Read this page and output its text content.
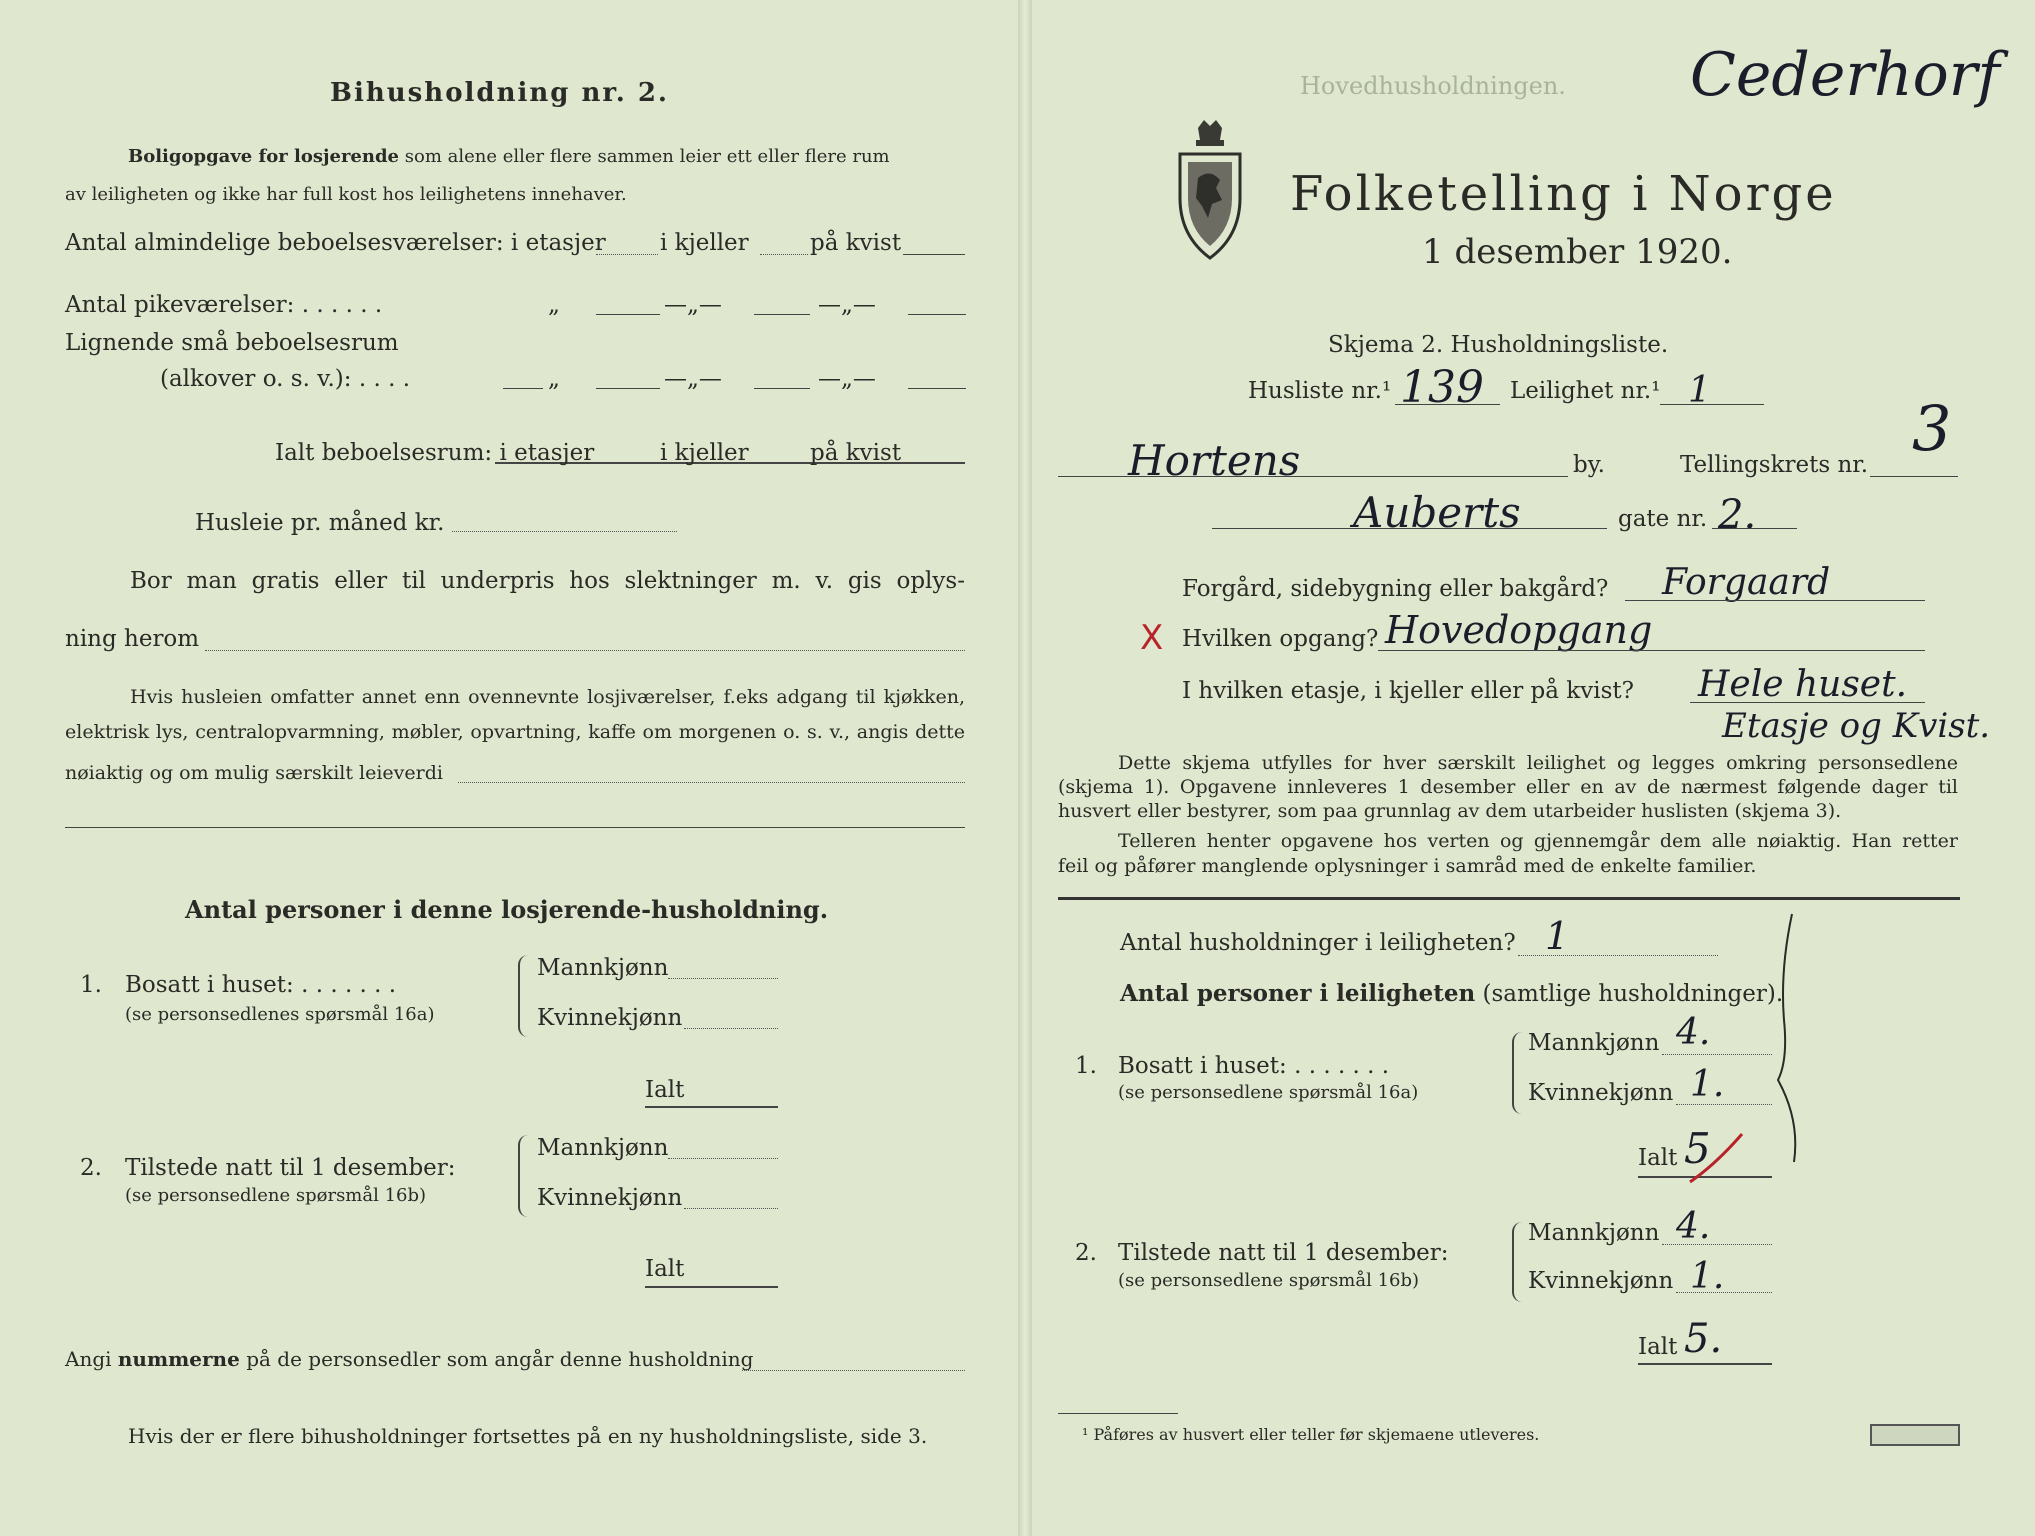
Bihusholdning nr. 2.
Boligopgave for losjerende som alene eller flere sammen leier ett eller flere rum
av leiligheten og ikke har full kost hos leilighetens innehaver.
Antal almindelige beboelsesværelser: i etasjer i kjeller	på kvist
Antal pikeværelser: . . . . . .	„	—„—	—„—
Lignende små beboelsesrum
(alkover o. s. v.): . . . .	„	—„—	—„—
Ialt beboelsesrum: i etasjer	i kjeller	på kvist
Husleie pr. måned kr.
Bor man gratis eller til underpris hos slektninger m. v. gis oplys-
ning herom
Hvis husleien omfatter annet enn ovennevnte losjiværelser, f.eks adgang til kjøkken,
elektrisk lys, centralopvarmning, møbler, opvartning, kaffe om morgenen o. s. v., angis dette
nøiaktig og om mulig særskilt leieverdi
Antal personer i denne losjerende-husholdning.
1. Bosatt i huset: . . . . . . .
(se personsedlenes spørsmål 16a)
Mannkjønn
Kvinnekjønn
Ialt
2. Tilstede natt til 1 desember:
(se personsedlene spørsmål 16b)
Mannkjønn
Kvinnekjønn
Ialt
Angi nummerne på de personsedler som angår denne husholdning
Hvis der er flere bihusholdninger fortsettes på en ny husholdningsliste, side 3.
Hovedhusholdningen. Cederhorf
Folketelling i Norge
1 desember 1920.
Skjema 2. Husholdningsliste.
Husliste nr.¹ 139 Leilighet nr.¹ 1
Hortens	by.	Tellingskrets nr. 3
Auberts	gate nr. 2.
Forgård, sidebygning eller bakgård? Forgaard
X Hvilken opgang? Hovedopgang
I hvilken etasje, i kjeller eller på kvist? Hele huset.
Etasje og Kvist.
Dette skjema utfylles for hver særskilt leilighet og legges omkring personsedlene
(skjema 1). Opgavene innleveres 1 desember eller en av de nærmest følgende dager til
husvert eller bestyrer, som paa grunnlag av dem utarbeider huslisten (skjema 3).
Telleren henter opgavene hos verten og gjennemgår dem alle nøiaktig. Han retter
feil og påfører manglende oplysninger i samråd med de enkelte familier.
Antal husholdninger i leiligheten? 1
Antal personer i leiligheten (samtlige husholdninger).
1. Bosatt i huset: . . . . . . .
(se personsedlene spørsmål 16a)
Mannkjønn 4.
Kvinnekjønn 1.
Ialt 5
2. Tilstede natt til 1 desember:
(se personsedlene spørsmål 16b)
Mannkjønn 4.
Kvinnekjønn 1.
Ialt 5.
¹ Påføres av husvert eller teller før skjemaene utleveres.
